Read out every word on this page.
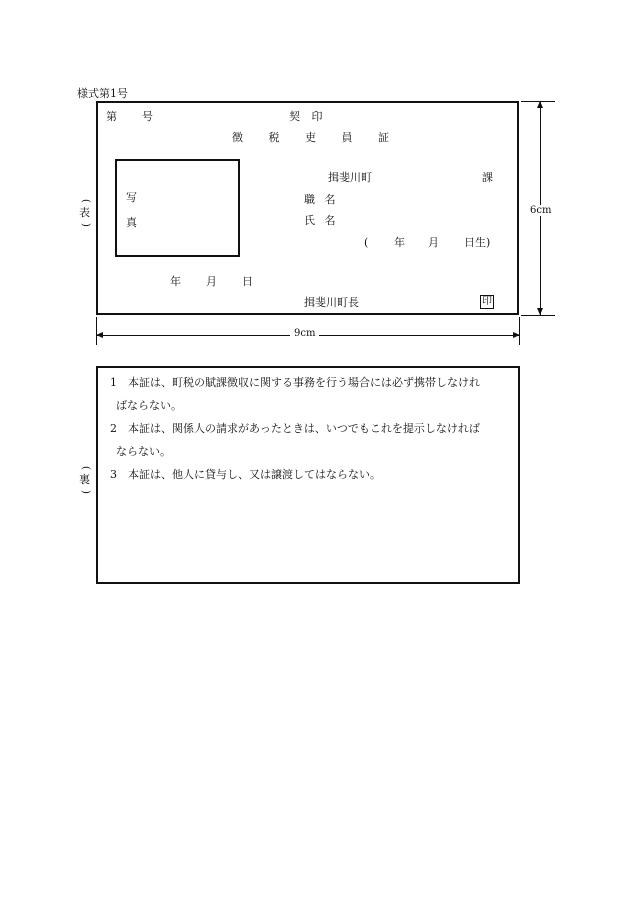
様式第1号
(
表
)
第 号	契 印
徴 税 吏 員 証
写
真
揖斐川町	課
職 名
氏 名
( 年 月 日生)
年 月 日
揖斐川町長	印
6cm
9cm
(
裏
)
1 本証は、町税の賦課徴収に関する事務を行う場合には必ず携帯しなけれ
ばならない。
2 本証は、関係人の請求があったときは、いつでもこれを提示しなければ
ならない。
3 本証は、他人に貸与し、又は譲渡してはならない。
